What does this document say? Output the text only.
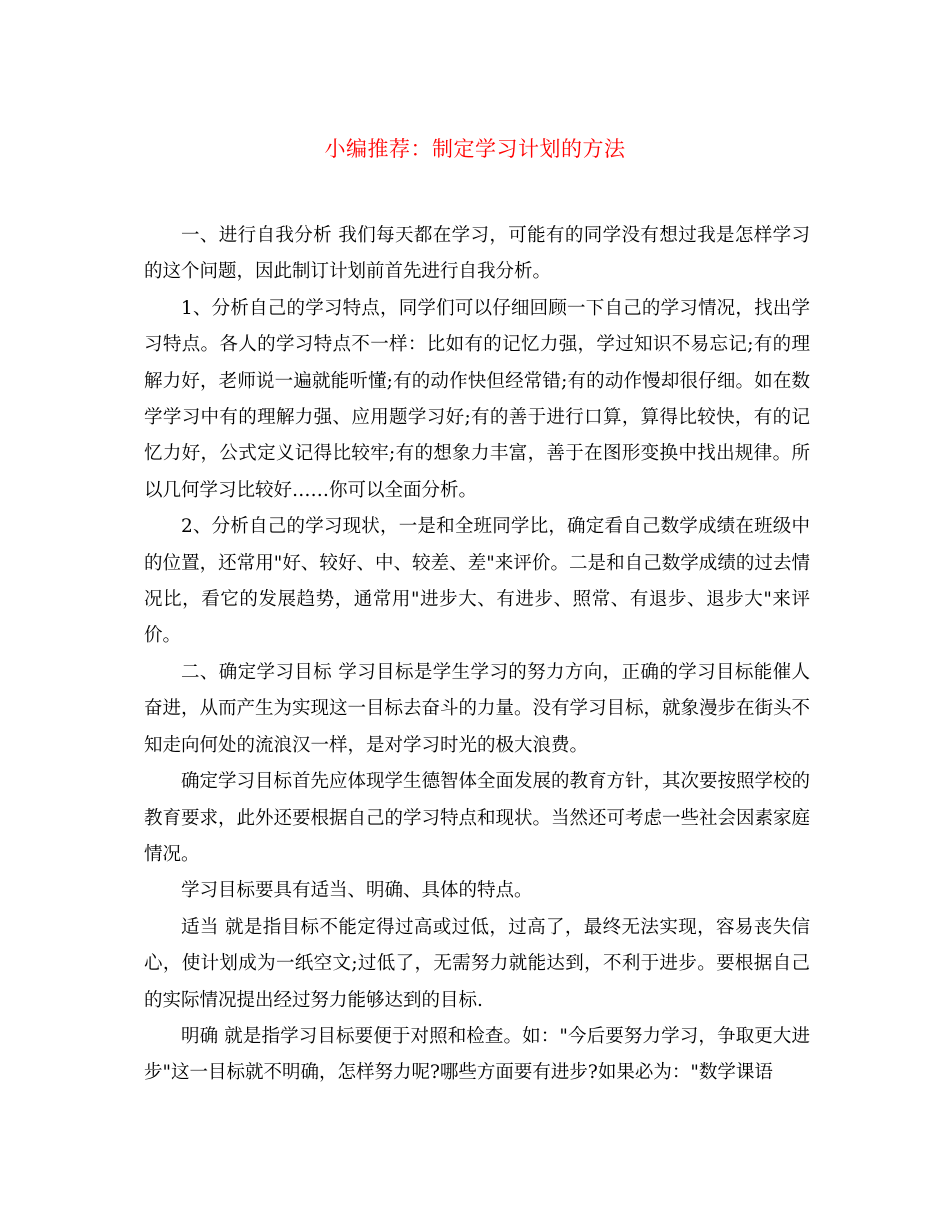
小编推荐：制定学习计划的方法

一、进行自我分析 我们每天都在学习，可能有的同学没有想过我是怎样学习的这个问题，因此制订计划前首先进行自我分析。

1、分析自己的学习特点，同学们可以仔细回顾一下自己的学习情况，找出学习特点。各人的学习特点不一样：比如有的记忆力强，学过知识不易忘记;有的理解力好，老师说一遍就能听懂;有的动作快但经常错;有的动作慢却很仔细。如在数学学习中有的理解力强、应用题学习好;有的善于进行口算，算得比较快，有的记忆力好，公式定义记得比较牢;有的想象力丰富，善于在图形变换中找出规律。所以几何学习比较好……你可以全面分析。

2、分析自己的学习现状，一是和全班同学比，确定看自己数学成绩在班级中的位置，还常用"好、较好、中、较差、差"来评价。二是和自己数学成绩的过去情况比，看它的发展趋势，通常用"进步大、有进步、照常、有退步、退步大"来评价。

二、确定学习目标 学习目标是学生学习的努力方向，正确的学习目标能催人奋进，从而产生为实现这一目标去奋斗的力量。没有学习目标，就象漫步在街头不知走向何处的流浪汉一样，是对学习时光的极大浪费。

确定学习目标首先应体现学生德智体全面发展的教育方针，其次要按照学校的教育要求，此外还要根据自己的学习特点和现状。当然还可考虑一些社会因素家庭情况。

学习目标要具有适当、明确、具体的特点。

适当 就是指目标不能定得过高或过低，过高了，最终无法实现，容易丧失信心，使计划成为一纸空文;过低了，无需努力就能达到，不利于进步。要根据自己的实际情况提出经过努力能够达到的目标.

明确 就是指学习目标要便于对照和检查。如："今后要努力学习，争取更大进步"这一目标就不明确，怎样努力呢?哪些方面要有进步?如果必为："数学课语
